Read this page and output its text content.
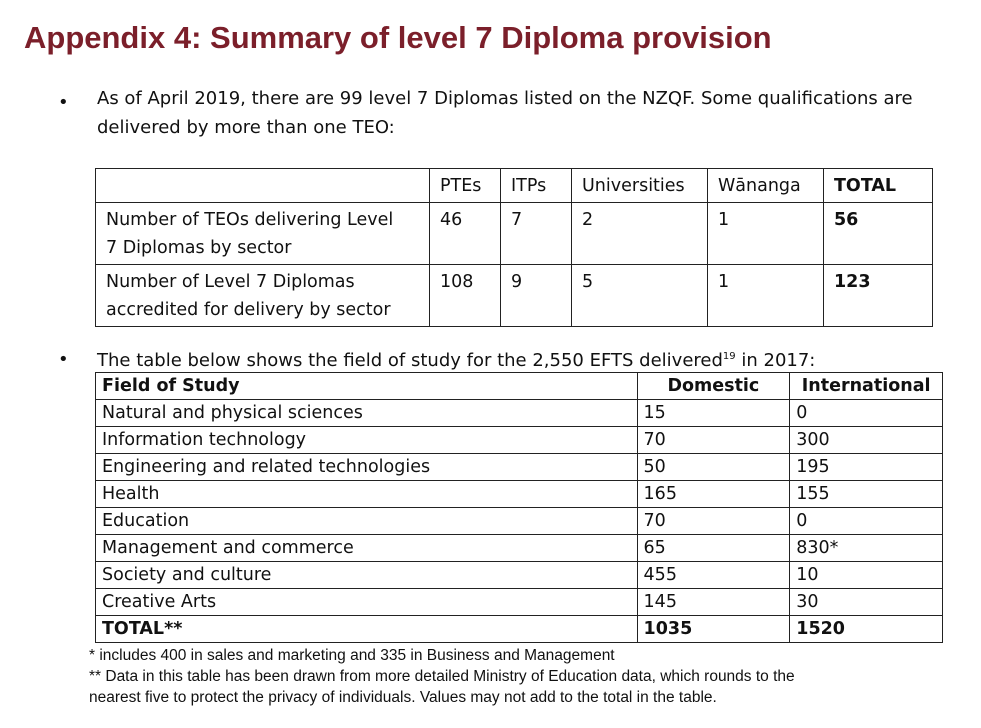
Appendix 4: Summary of level 7 Diploma provision
• As of April 2019, there are 99 level 7 Diplomas listed on the NZQF. Some qualifications are
delivered by more than one TEO:
	PTEs	ITPs	Universities	Wānanga	TOTAL
Number of TEOs delivering Level
7 Diplomas by sector	46	7	2	1	56
Number of Level 7 Diplomas
accredited for delivery by sector	108	9	5	1	123
• The table below shows the field of study for the 2,550 EFTS delivered$^{19}$ in 2017:
Field of Study	Domestic	International
Natural and physical sciences	15	0
Information technology	70	300
Engineering and related technologies	50	195
Health	165	155
Education	70	0
Management and commerce	65	830*
Society and culture	455	10
Creative Arts	145	30
TOTAL**	1035	1520
* includes 400 in sales and marketing and 335 in Business and Management
** Data in this table has been drawn from more detailed Ministry of Education data, which rounds to the
nearest five to protect the privacy of individuals. Values may not add to the total in the table.
